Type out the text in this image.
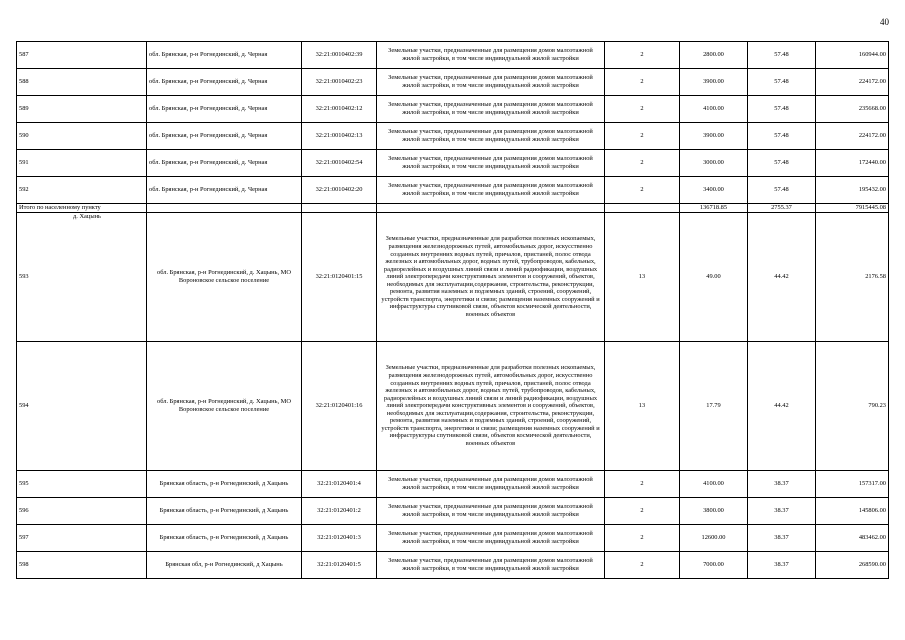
40
587	обл. Брянская, р-н Рогнединский, д. Черная	32:21:0010402:39	Земельные участки, предназначенные для размещения домов малоэтажной жилой застройки, в том числе индивидуальной жилой застройки	2	2800.00	57.48	160944.00
588	обл. Брянская, р-н Рогнединский, д. Черная	32:21:0010402:23	Земельные участки, предназначенные для размещения домов малоэтажной жилой застройки, в том числе индивидуальной жилой застройки	2	3900.00	57.48	224172.00
589	обл. Брянская, р-н Рогнединский, д. Черная	32:21:0010402:12	Земельные участки, предназначенные для размещения домов малоэтажной жилой застройки, в том числе индивидуальной жилой застройки	2	4100.00	57.48	235668.00
590	обл. Брянская, р-н Рогнединский, д. Черная	32:21:0010402:13	Земельные участки, предназначенные для размещения домов малоэтажной жилой застройки, в том числе индивидуальной жилой застройки	2	3900.00	57.48	224172.00
591	обл. Брянская, р-н Рогнединский, д. Черная	32:21:0010402:54	Земельные участки, предназначенные для размещения домов малоэтажной жилой застройки, в том числе индивидуальной жилой застройки	2	3000.00	57.48	172440.00
592	обл. Брянская, р-н Рогнединский, д. Черная	32:21:0010402:20	Земельные участки, предназначенные для размещения домов малоэтажной жилой застройки, в том числе индивидуальной жилой застройки	2	3400.00	57.48	195432.00
Итого по населенному пункту					136718.85	2755.37	7915445.08

д. Хацынь
593	обл. Брянская, р-н Рогнединский, д. Хацынь, МО Вороновское сельское поселение	32:21:0120401:15	Земельные участки, предназначенные для разработки полезных ископаемых, размещения железнодорожных путей, автомобильных дорог, искусственно созданных внутренних водных путей, причалов, пристаней, полос отвода железных и автомобильных дорог, водных путей, трубопроводов, кабельных, радиорелейных и воздушных линий связи и линий радиофикации, воздушных линий электропередачи конструктивных элементов и сооружений, объектов, необходимых для эксплуатации,содержания, строительства, реконструкции, ремонта, развития наземных и подземных зданий, строений, сооружений, устройств транспорта, энергетики и связи; размещения наземных сооружений и инфраструктуры спутниковой связи, объектов космической деятельности, военных объектов	13	49.00	44.42	2176.58
594	обл. Брянская, р-н Рогнединский, д. Хацынь, МО Вороновское сельское поселение	32:21:0120401:16	Земельные участки, предназначенные для разработки полезных ископаемых, размещения железнодорожных путей, автомобильных дорог, искусственно созданных внутренних водных путей, причалов, пристаней, полос отвода железных и автомобильных дорог, водных путей, трубопроводов, кабельных, радиорелейных и воздушных линий связи и линий радиофикации, воздушных линий электропередачи конструктивных элементов и сооружений, объектов, необходимых для эксплуатации,содержания, строительства, реконструкции, ремонта, развития наземных и подземных зданий, строений, сооружений, устройств транспорта, энергетики и связи; размещения наземных сооружений и инфраструктуры спутниковой связи, объектов космической деятельности, военных объектов	13	17.79	44.42	790.23
595	Брянская область, р-н Рогнединский, д Хацынь	32:21:0120401:4	Земельные участки, предназначенные для размещения домов малоэтажной жилой застройки, в том числе индивидуальной жилой застройки	2	4100.00	38.37	157317.00
596	Брянская область, р-н Рогнединский, д Хацынь	32:21:0120401:2	Земельные участки, предназначенные для размещения домов малоэтажной жилой застройки, в том числе индивидуальной жилой застройки	2	3800.00	38.37	145806.00
597	Брянская область, р-н Рогнединский, д Хацынь	32:21:0120401:3	Земельные участки, предназначенные для размещения домов малоэтажной жилой застройки, в том числе индивидуальной жилой застройки	2	12600.00	38.37	483462.00
598	Брянская обл, р-н Рогнединский, д Хацынь	32:21:0120401:5	Земельные участки, предназначенные для размещения домов малоэтажной жилой застройки, в том числе индивидуальной жилой застройки	2	7000.00	38.37	268590.00
